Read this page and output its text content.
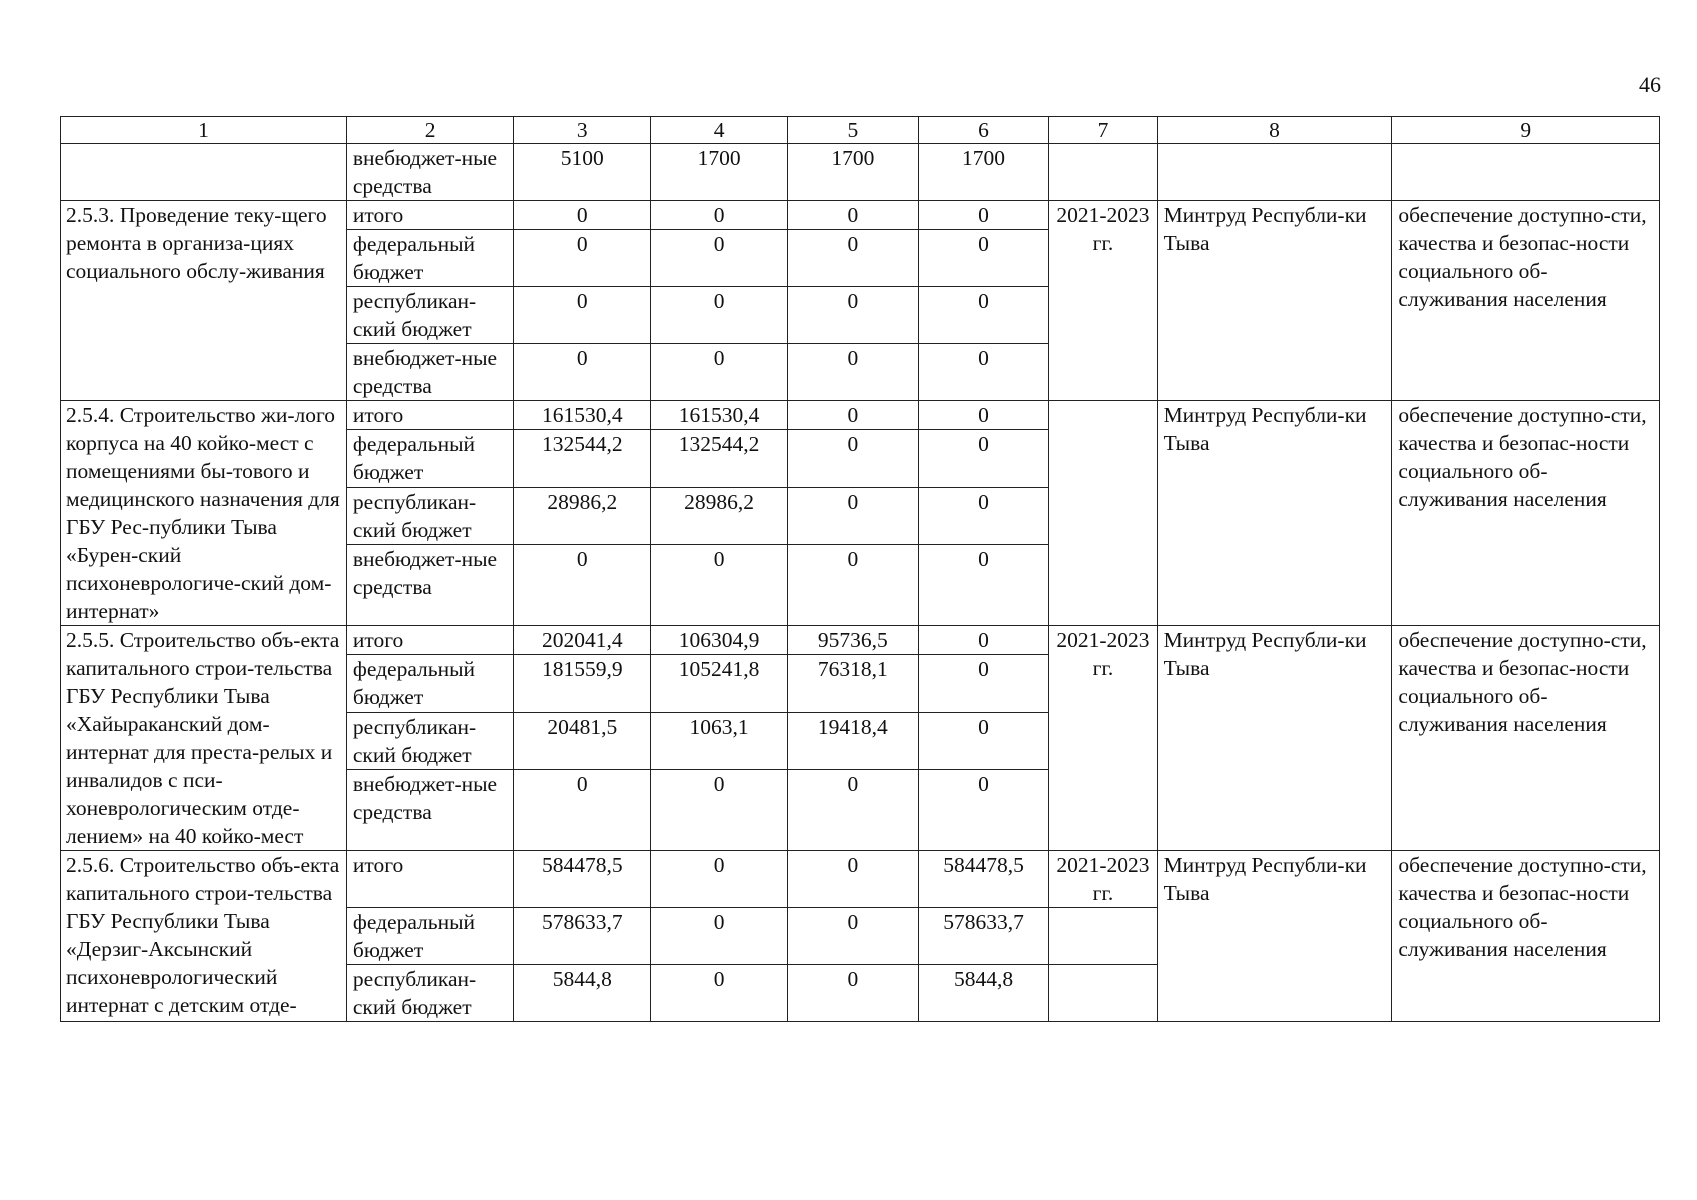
46
1	2	3	4	5	6	7	8	9
	внебюджет-ные средства	5100	1700	1700	1700			
2.5.3. Проведение теку-щего ремонта в организа-циях социального обслу-живания	итого	0	0	0	0	2021-2023 гг.	Минтруд Республи-ки Тыва	обеспечение доступно-сти, качества и безопас-ности социального об-служивания населения
	федеральный бюджет	0	0	0	0			
	республикан-ский бюджет	0	0	0	0			
	внебюджет-ные средства	0	0	0	0			
2.5.4. Строительство жи-лого корпуса на 40 койко-мест с помещениями бы-тового и медицинского назначения для ГБУ Рес-публики Тыва «Бурен-ский психоневрологиче-ский дом-интернат»	итого	161530,4	161530,4	0	0		Минтруд Республи-ки Тыва	обеспечение доступно-сти, качества и безопас-ности социального об-служивания населения
	федеральный бюджет	132544,2	132544,2	0	0			
	республикан-ский бюджет	28986,2	28986,2	0	0			
	внебюджет-ные средства	0	0	0	0			
2.5.5. Строительство объ-екта капитального строи-тельства ГБУ Республики Тыва «Хайыраканский дом-интернат для преста-релых и инвалидов с пси-хоневрологическим отде-лением» на 40 койко-мест	итого	202041,4	106304,9	95736,5	0	2021-2023 гг.	Минтруд Республи-ки Тыва	обеспечение доступно-сти, качества и безопас-ности социального об-служивания населения
	федеральный бюджет	181559,9	105241,8	76318,1	0			
	республикан-ский бюджет	20481,5	1063,1	19418,4	0			
	внебюджет-ные средства	0	0	0	0			
2.5.6. Строительство объ-екта капитального строи-тельства ГБУ Республики Тыва «Дерзиг-Аксынский психоневрологический интернат с детским отде-	итого	584478,5	0	0	584478,5	2021-2023 гг.	Минтруд Республи-ки Тыва	обеспечение доступно-сти, качества и безопас-ности социального об-служивания населения
	федеральный бюджет	578633,7	0	0	578633,7			
	республикан-ский бюджет	5844,8	0	0	5844,8			
